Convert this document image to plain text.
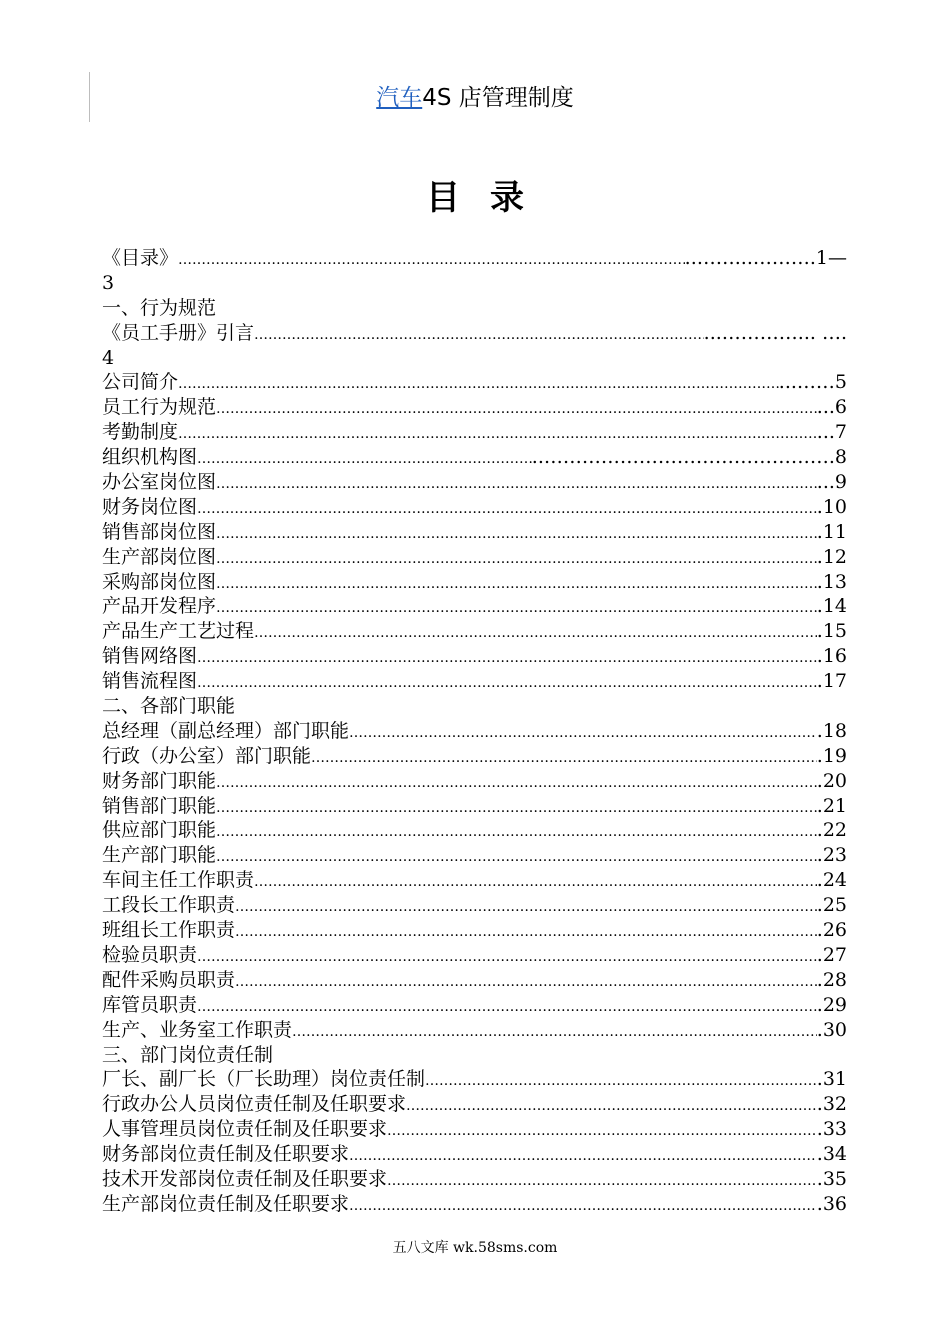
汽车4S 店管理制度
目录
《目录》 ………………………………………………………………………………………………………………………………………………………………	..……...……….1—
3
一、行为规范
《员工手册》引言 ………………………………………………………………………………………………………………………………………………………………	...…………... ….
4
公司简介 ………………………………………………………………………………………………………………………………………………………………	...……5
员工行为规范 ………………………………………………………………………………………………………………………………………………………………	...6
考勤制度 ………………………………………………………………………………………………………………………………………………………………	...7
组织机构图 ………………………………………………………………………………………………………………………………………………………………	..……………………………………….8
办公室岗位图 ………………………………………………………………………………………………………………………………………………………………	...9
财务岗位图 ………………………………………………………………………………………………………………………………………………………………	.10
销售部岗位图 ………………………………………………………………………………………………………………………………………………………………	.11
生产部岗位图 ………………………………………………………………………………………………………………………………………………………………	.12
采购部岗位图 ………………………………………………………………………………………………………………………………………………………………	.13
产品开发程序 ………………………………………………………………………………………………………………………………………………………………	.14
产品生产工艺过程 ………………………………………………………………………………………………………………………………………………………………	.15
销售网络图 ………………………………………………………………………………………………………………………………………………………………	.16
销售流程图 ………………………………………………………………………………………………………………………………………………………………	.17
二、各部门职能
总经理（副总经理）部门职能 ………………………………………………………………………………………………………………………………………………………………	.18
行政（办公室）部门职能 ………………………………………………………………………………………………………………………………………………………………	.19
财务部门职能 ………………………………………………………………………………………………………………………………………………………………	.20
销售部门职能 ………………………………………………………………………………………………………………………………………………………………	.21
供应部门职能 ………………………………………………………………………………………………………………………………………………………………	.22
生产部门职能 ………………………………………………………………………………………………………………………………………………………………	.23
车间主任工作职责 ………………………………………………………………………………………………………………………………………………………………	.24
工段长工作职责 ………………………………………………………………………………………………………………………………………………………………	.25
班组长工作职责 ………………………………………………………………………………………………………………………………………………………………	.26
检验员职责 ………………………………………………………………………………………………………………………………………………………………	.27
配件采购员职责 ………………………………………………………………………………………………………………………………………………………………	.28
库管员职责 ………………………………………………………………………………………………………………………………………………………………	.29
生产、业务室工作职责 ………………………………………………………………………………………………………………………………………………………………	.30
三、部门岗位责任制
厂长、副厂长（厂长助理）岗位责任制 ………………………………………………………………………………………………………………………………………………………………	.31
行政办公人员岗位责任制及任职要求 ………………………………………………………………………………………………………………………………………………………………	.32
人事管理员岗位责任制及任职要求 ………………………………………………………………………………………………………………………………………………………………	.33
财务部岗位责任制及任职要求 ………………………………………………………………………………………………………………………………………………………………	.34
技术开发部岗位责任制及任职要求 ………………………………………………………………………………………………………………………………………………………………	.35
生产部岗位责任制及任职要求 ………………………………………………………………………………………………………………………………………………………………	.36
五八文库 wk.58sms.com
